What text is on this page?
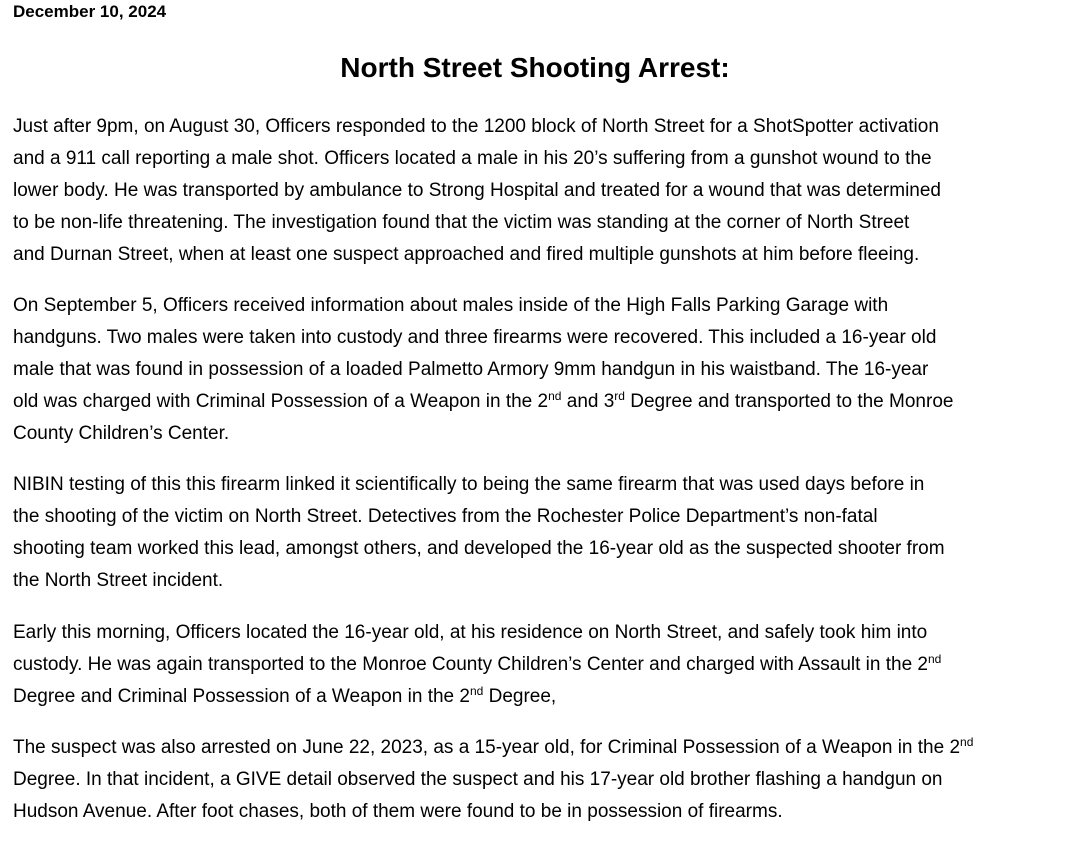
December 10, 2024
North Street Shooting Arrest:
Just after 9pm, on August 30, Officers responded to the 1200 block of North Street for a ShotSpotter activation
and a 911 call reporting a male shot. Officers located a male in his 20’s suffering from a gunshot wound to the
lower body. He was transported by ambulance to Strong Hospital and treated for a wound that was determined
to be non-life threatening. The investigation found that the victim was standing at the corner of North Street
and Durnan Street, when at least one suspect approached and fired multiple gunshots at him before fleeing.
On September 5, Officers received information about males inside of the High Falls Parking Garage with
handguns. Two males were taken into custody and three firearms were recovered. This included a 16-year old
male that was found in possession of a loaded Palmetto Armory 9mm handgun in his waistband. The 16-year
old was charged with Criminal Possession of a Weapon in the 2nd and 3rd Degree and transported to the Monroe
County Children’s Center.
NIBIN testing of this this firearm linked it scientifically to being the same firearm that was used days before in
the shooting of the victim on North Street. Detectives from the Rochester Police Department’s non-fatal
shooting team worked this lead, amongst others, and developed the 16-year old as the suspected shooter from
the North Street incident.
Early this morning, Officers located the 16-year old, at his residence on North Street, and safely took him into
custody. He was again transported to the Monroe County Children’s Center and charged with Assault in the 2nd
Degree and Criminal Possession of a Weapon in the 2nd Degree,
The suspect was also arrested on June 22, 2023, as a 15-year old, for Criminal Possession of a Weapon in the 2nd
Degree. In that incident, a GIVE detail observed the suspect and his 17-year old brother flashing a handgun on
Hudson Avenue. After foot chases, both of them were found to be in possession of firearms.
